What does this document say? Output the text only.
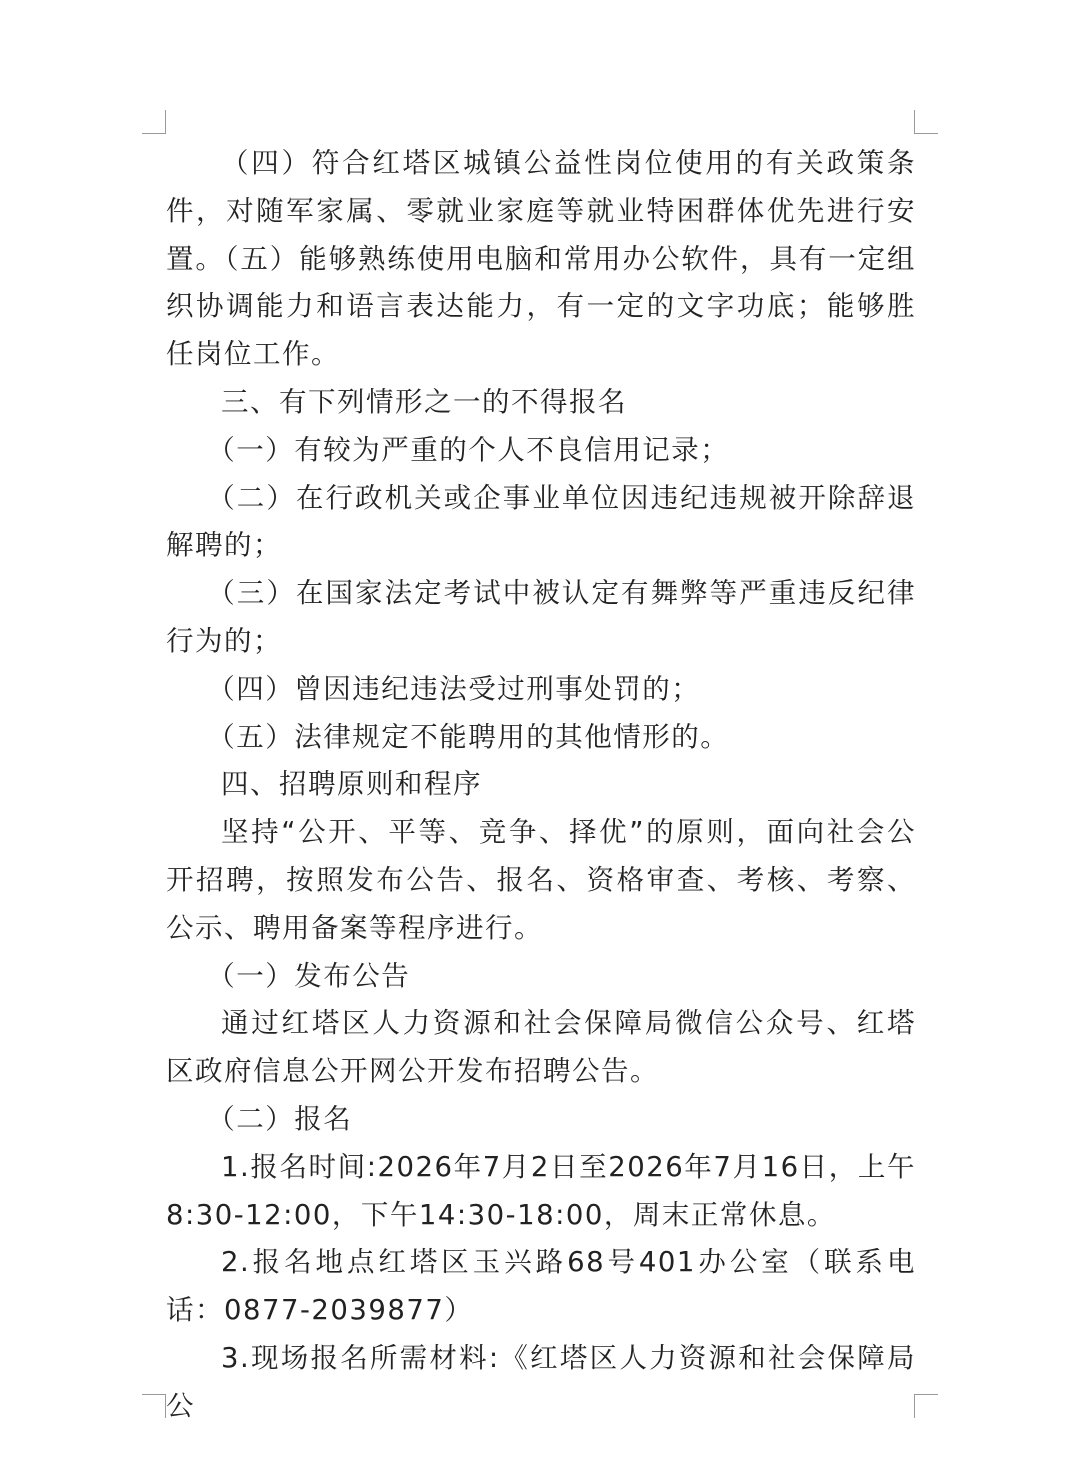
（四）符合红塔区城镇公益性岗位使用的有关政策条件，对随军家属、零就业家庭等就业特困群体优先进行安置。（五）能够熟练使用电脑和常用办公软件，具有一定组织协调能力和语言表达能力，有一定的文字功底；能够胜任岗位工作。

三、有下列情形之一的不得报名

（一）有较为严重的个人不良信用记录；

（二）在行政机关或企事业单位因违纪违规被开除辞退解聘的；

（三）在国家法定考试中被认定有舞弊等严重违反纪律行为的；

（四）曾因违纪违法受过刑事处罚的；

（五）法律规定不能聘用的其他情形的。

四、招聘原则和程序

坚持“公开、平等、竞争、择优”的原则，面向社会公开招聘，按照发布公告、报名、资格审查、考核、考察、公示、聘用备案等程序进行。

（一）发布公告

通过红塔区人力资源和社会保障局微信公众号、红塔区政府信息公开网公开发布招聘公告。

（二）报名

1.报名时间:2026年7月2日至2026年7月16日，上午8:30-12:00，下午14:30-18:00，周末正常休息。

2.报名地点红塔区玉兴路68号401办公室（联系电话：0877-2039877）

3.现场报名所需材料:《红塔区人力资源和社会保障局公
